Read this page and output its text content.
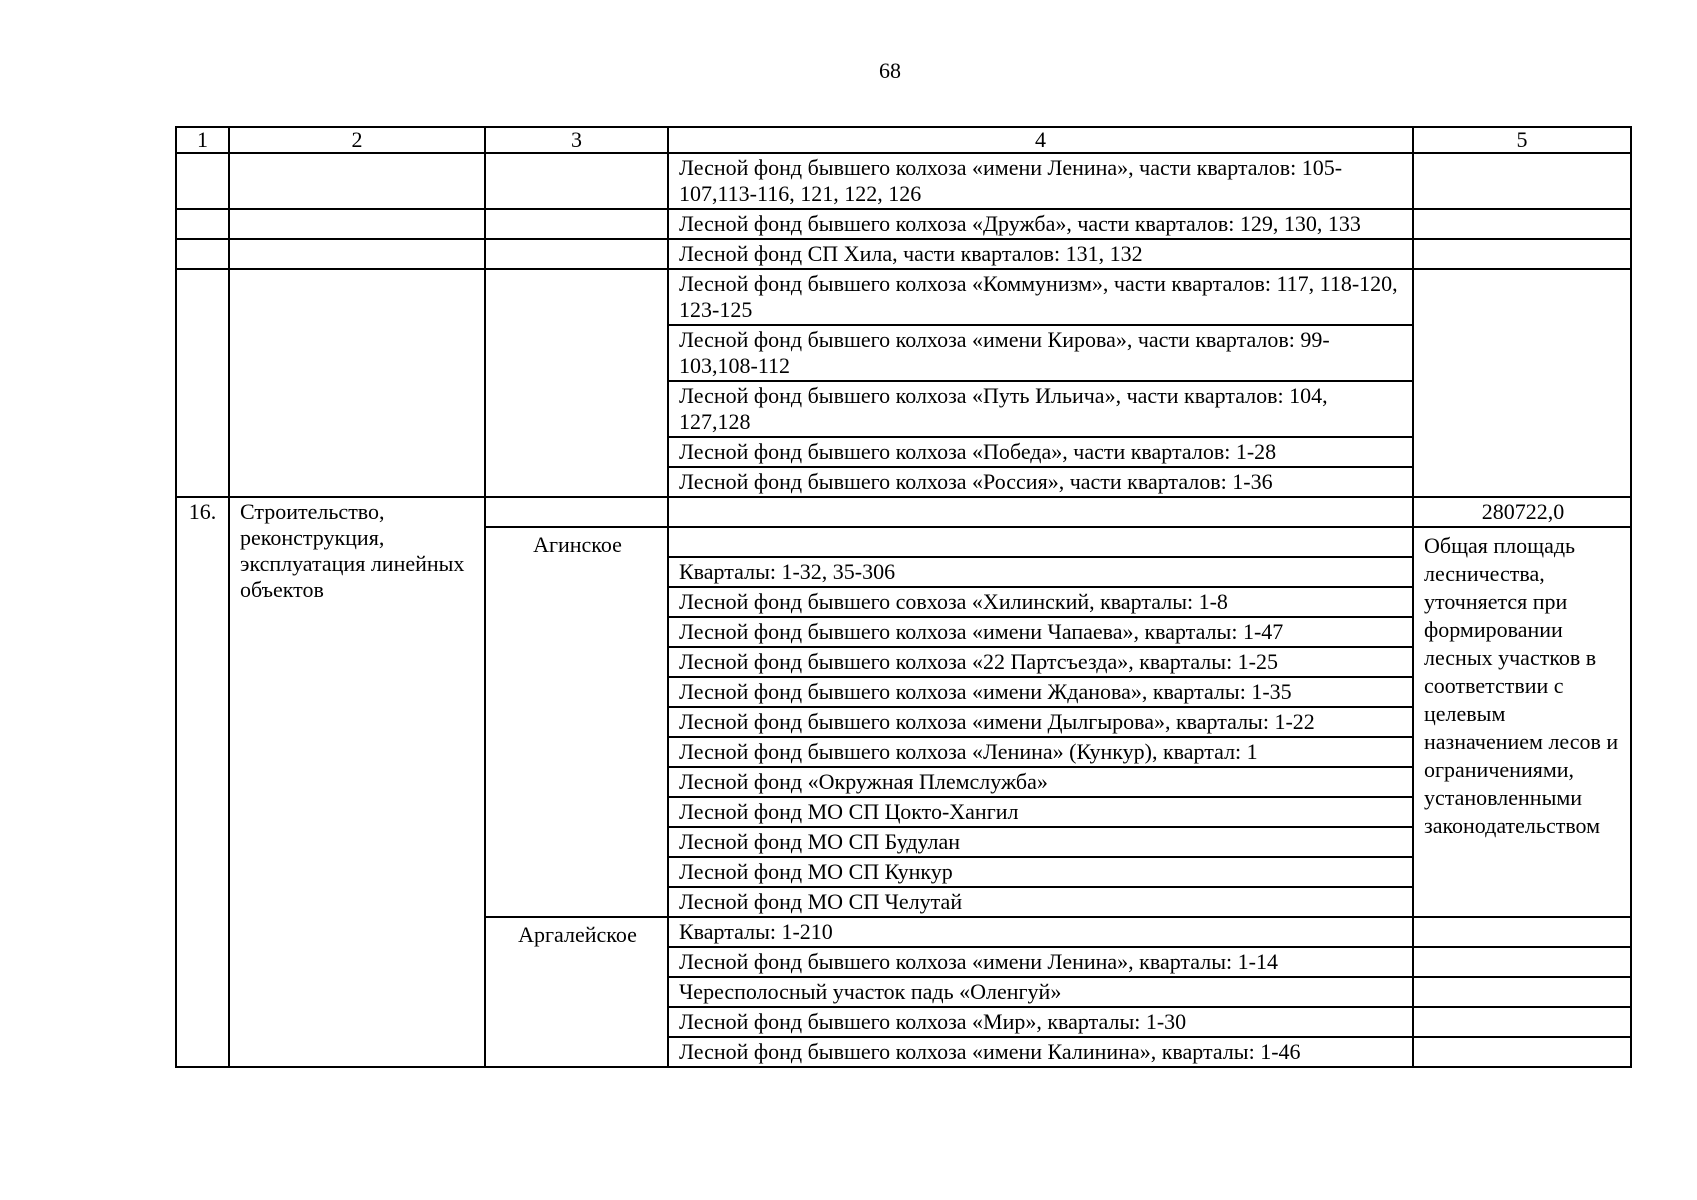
68
1	2	3	4	5
			Лесной фонд бывшего колхоза «имени Ленина», части кварталов: 105-107,113-116, 121, 122, 126	
			Лесной фонд бывшего колхоза «Дружба», части кварталов: 129, 130, 133	
			Лесной фонд СП Хила, части кварталов: 131, 132	
			Лесной фонд бывшего колхоза «Коммунизм», части кварталов: 117, 118-120, 123-125	
			Лесной фонд бывшего колхоза «имени Кирова», части кварталов: 99-103,108-112	
			Лесной фонд бывшего колхоза «Путь Ильича», части кварталов: 104, 127,128	
			Лесной фонд бывшего колхоза «Победа», части кварталов: 1-28	
			Лесной фонд бывшего колхоза «Россия», части кварталов: 1-36	
16.	Строительство, реконструкция, эксплуатация линейных объектов			280722,0
		Агинское		Общая площадь лесничества, уточняется при формировании лесных участков в соответствии с целевым назначением лесов и ограничениями, установленными законодательством
			Кварталы: 1-32, 35-306	
			Лесной фонд бывшего совхоза «Хилинский, кварталы: 1-8	
			Лесной фонд бывшего колхоза «имени Чапаева», кварталы: 1-47	
			Лесной фонд бывшего колхоза «22 Партсъезда», кварталы: 1-25	
			Лесной фонд бывшего колхоза «имени Жданова», кварталы: 1-35	
			Лесной фонд бывшего колхоза «имени Дылгырова», кварталы: 1-22	
			Лесной фонд бывшего колхоза «Ленина» (Кункур), квартал: 1	
			Лесной фонд «Окружная Племслужба»	
			Лесной фонд МО СП Цокто-Хангил	
			Лесной фонд МО СП Будулан	
			Лесной фонд МО СП Кункур	
			Лесной фонд МО СП Челутай	
		Аргалейское	Кварталы: 1-210	
			Лесной фонд бывшего колхоза «имени Ленина», кварталы: 1-14	
			Чересполосный участок падь «Оленгуй»	
			Лесной фонд бывшего колхоза «Мир», кварталы: 1-30	
			Лесной фонд бывшего колхоза «имени Калинина», кварталы: 1-46	
